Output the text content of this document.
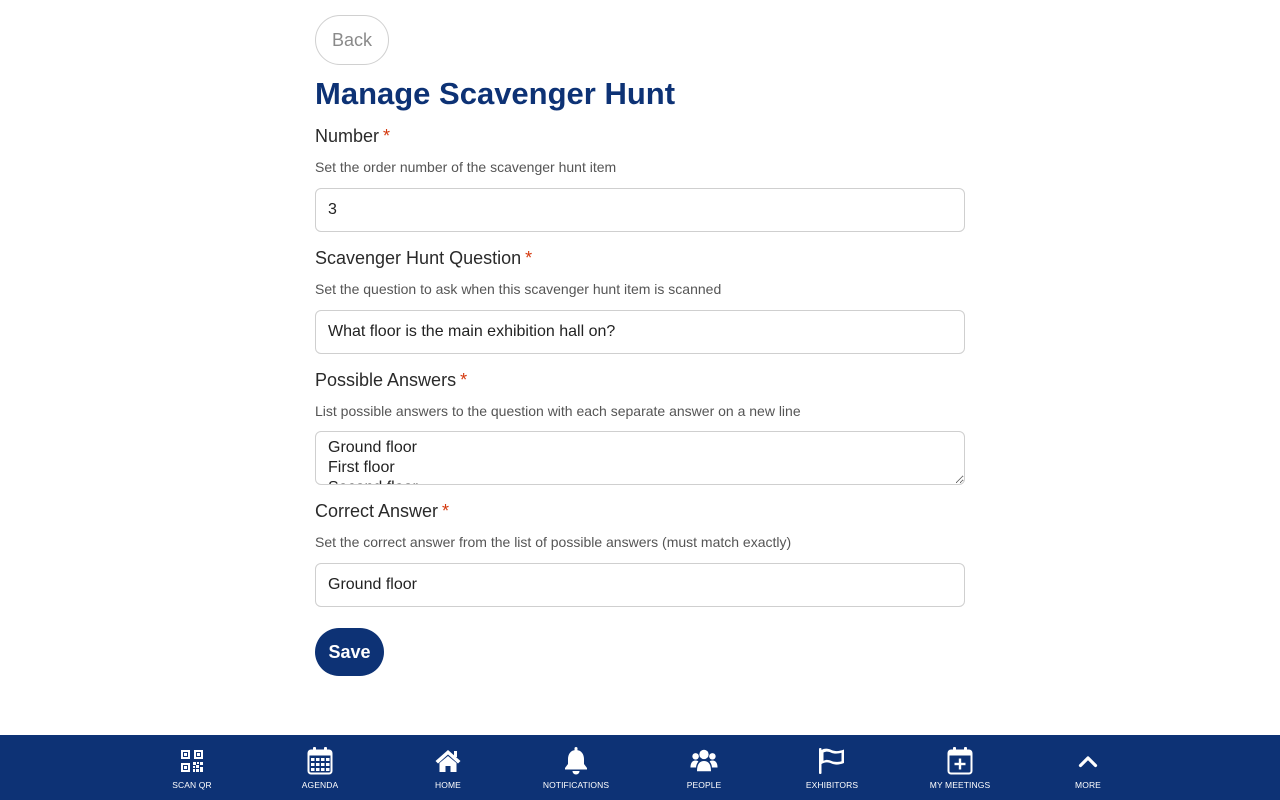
Back
Manage Scavenger Hunt
Number *
Set the order number of the scavenger hunt item
3
Scavenger Hunt Question *
Set the question to ask when this scavenger hunt item is scanned
What floor is the main exhibition hall on?
Possible Answers *
List possible answers to the question with each separate answer on a new line
Ground floor First floor Second floor
Correct Answer *
Set the correct answer from the list of possible answers (must match exactly)
Ground floor
Save
SCAN QR	AGENDA	HOME	NOTIFICATIONS	PEOPLE	EXHIBITORS	MY MEETINGS	MORE
